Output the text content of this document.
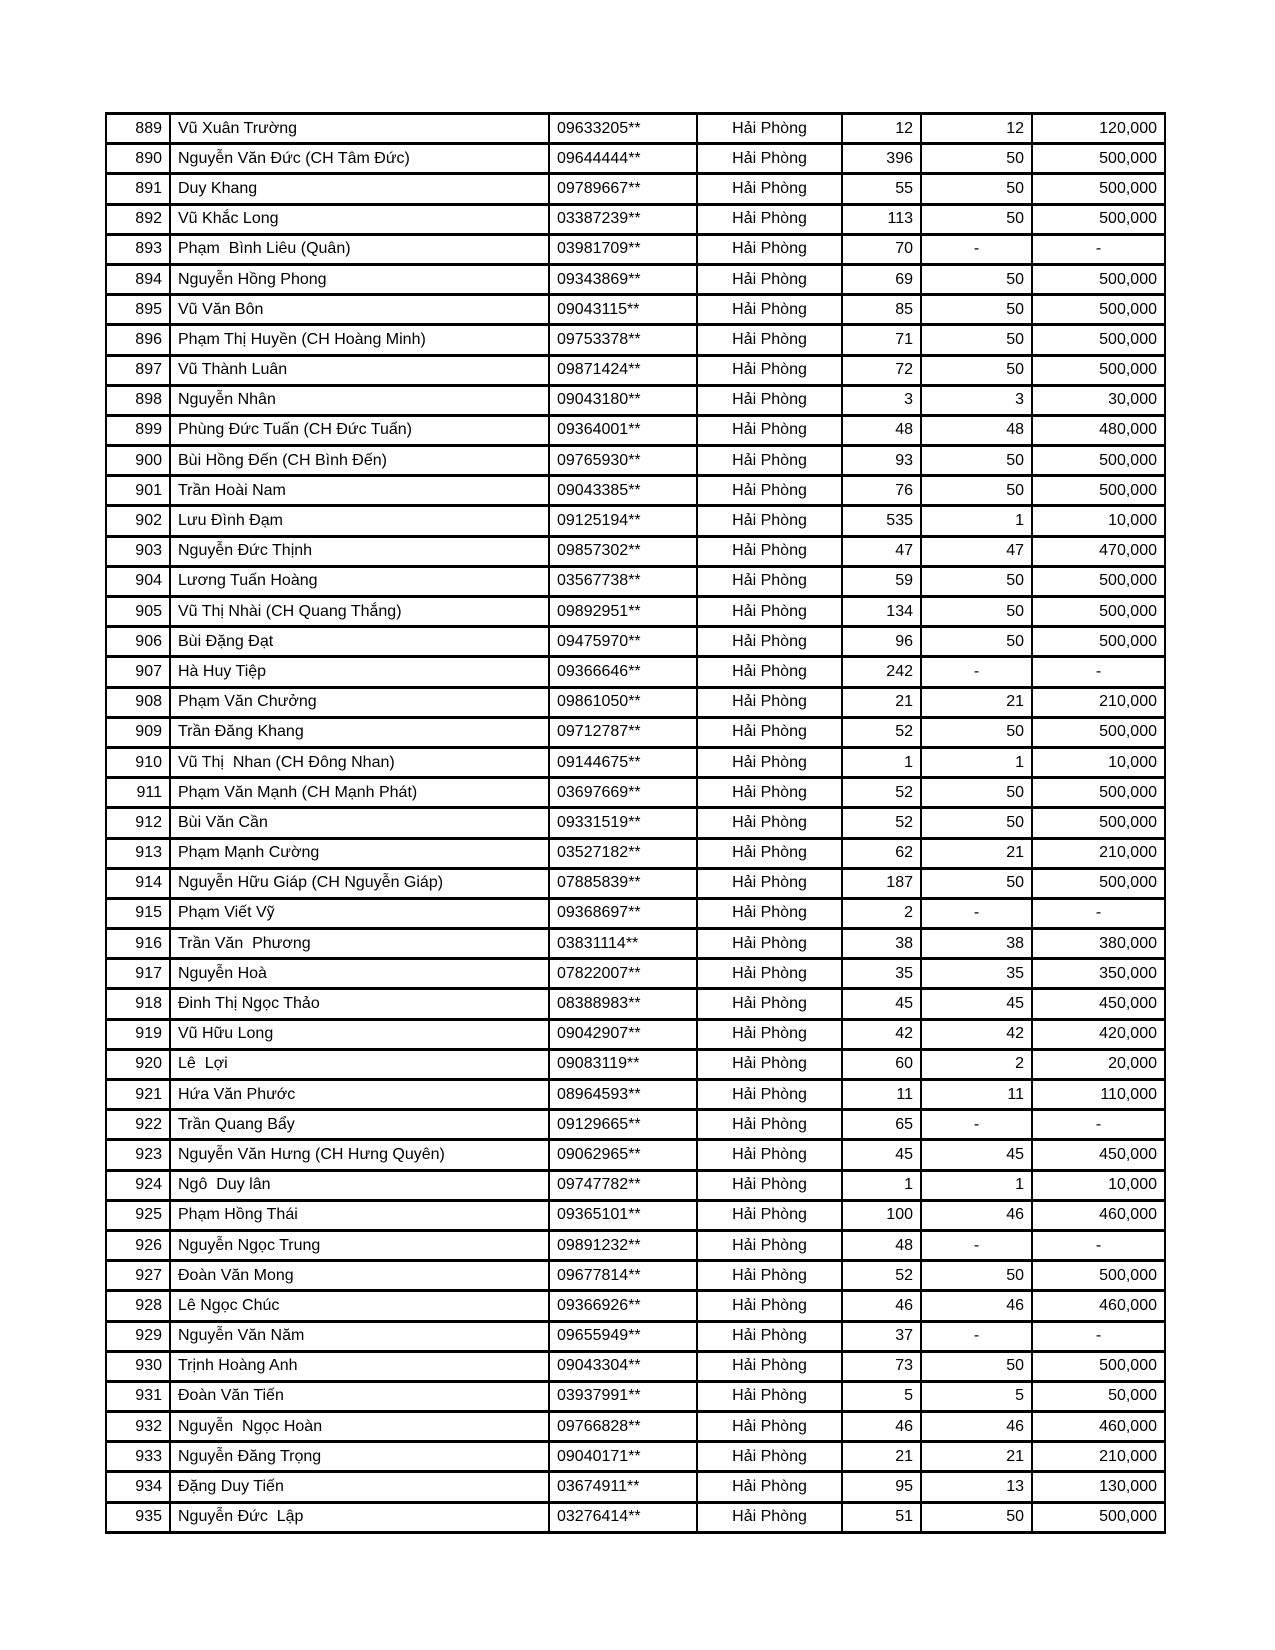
889	Vũ Xuân Trường	09633205**	Hải Phòng	12	12	120,000
890	Nguyễn Văn Đức (CH Tâm Đức)	09644444**	Hải Phòng	396	50	500,000
891	Duy Khang	09789667**	Hải Phòng	55	50	500,000
892	Vũ Khắc Long	03387239**	Hải Phòng	113	50	500,000
893	Phạm  Bình Liêu (Quân)	03981709**	Hải Phòng	70	-	-
894	Nguyễn Hồng Phong	09343869**	Hải Phòng	69	50	500,000
895	Vũ Văn Bôn	09043115**	Hải Phòng	85	50	500,000
896	Phạm Thị Huyền (CH Hoàng Minh)	09753378**	Hải Phòng	71	50	500,000
897	Vũ Thành Luân	09871424**	Hải Phòng	72	50	500,000
898	Nguyễn Nhân	09043180**	Hải Phòng	3	3	30,000
899	Phùng Đức Tuấn (CH Đức Tuấn)	09364001**	Hải Phòng	48	48	480,000
900	Bùi Hồng Đến (CH Bình Đến)	09765930**	Hải Phòng	93	50	500,000
901	Trần Hoài Nam	09043385**	Hải Phòng	76	50	500,000
902	Lưu Đình Đạm	09125194**	Hải Phòng	535	1	10,000
903	Nguyễn Đức Thịnh	09857302**	Hải Phòng	47	47	470,000
904	Lương Tuấn Hoàng	03567738**	Hải Phòng	59	50	500,000
905	Vũ Thị Nhài (CH Quang Thắng)	09892951**	Hải Phòng	134	50	500,000
906	Bùi Đặng Đạt	09475970**	Hải Phòng	96	50	500,000
907	Hà Huy Tiệp	09366646**	Hải Phòng	242	-	-
908	Phạm Văn Chưởng	09861050**	Hải Phòng	21	21	210,000
909	Trần Đăng Khang	09712787**	Hải Phòng	52	50	500,000
910	Vũ Thị  Nhan (CH Đông Nhan)	09144675**	Hải Phòng	1	1	10,000
911	Phạm Văn Mạnh (CH Mạnh Phát)	03697669**	Hải Phòng	52	50	500,000
912	Bùi Văn Cần	09331519**	Hải Phòng	52	50	500,000
913	Phạm Mạnh Cường	03527182**	Hải Phòng	62	21	210,000
914	Nguyễn Hữu Giáp (CH Nguyễn Giáp)	07885839**	Hải Phòng	187	50	500,000
915	Phạm Viết Vỹ	09368697**	Hải Phòng	2	-	-
916	Trần Văn  Phương	03831114**	Hải Phòng	38	38	380,000
917	Nguyễn Hoà	07822007**	Hải Phòng	35	35	350,000
918	Đinh Thị Ngọc Thảo	08388983**	Hải Phòng	45	45	450,000
919	Vũ Hữu Long	09042907**	Hải Phòng	42	42	420,000
920	Lê  Lợi	09083119**	Hải Phòng	60	2	20,000
921	Hứa Văn Phước	08964593**	Hải Phòng	11	11	110,000
922	Trần Quang Bẩy	09129665**	Hải Phòng	65	-	-
923	Nguyễn Văn Hưng (CH Hưng Quyên)	09062965**	Hải Phòng	45	45	450,000
924	Ngô  Duy lân	09747782**	Hải Phòng	1	1	10,000
925	Phạm Hồng Thái	09365101**	Hải Phòng	100	46	460,000
926	Nguyễn Ngọc Trung	09891232**	Hải Phòng	48	-	-
927	Đoàn Văn Mong	09677814**	Hải Phòng	52	50	500,000
928	Lê Ngọc Chúc	09366926**	Hải Phòng	46	46	460,000
929	Nguyễn Văn Năm	09655949**	Hải Phòng	37	-	-
930	Trịnh Hoàng Anh	09043304**	Hải Phòng	73	50	500,000
931	Đoàn Văn Tiến	03937991**	Hải Phòng	5	5	50,000
932	Nguyễn  Ngọc Hoàn	09766828**	Hải Phòng	46	46	460,000
933	Nguyễn Đăng Trọng	09040171**	Hải Phòng	21	21	210,000
934	Đặng Duy Tiến	03674911**	Hải Phòng	95	13	130,000
935	Nguyễn Đức  Lập	03276414**	Hải Phòng	51	50	500,000
